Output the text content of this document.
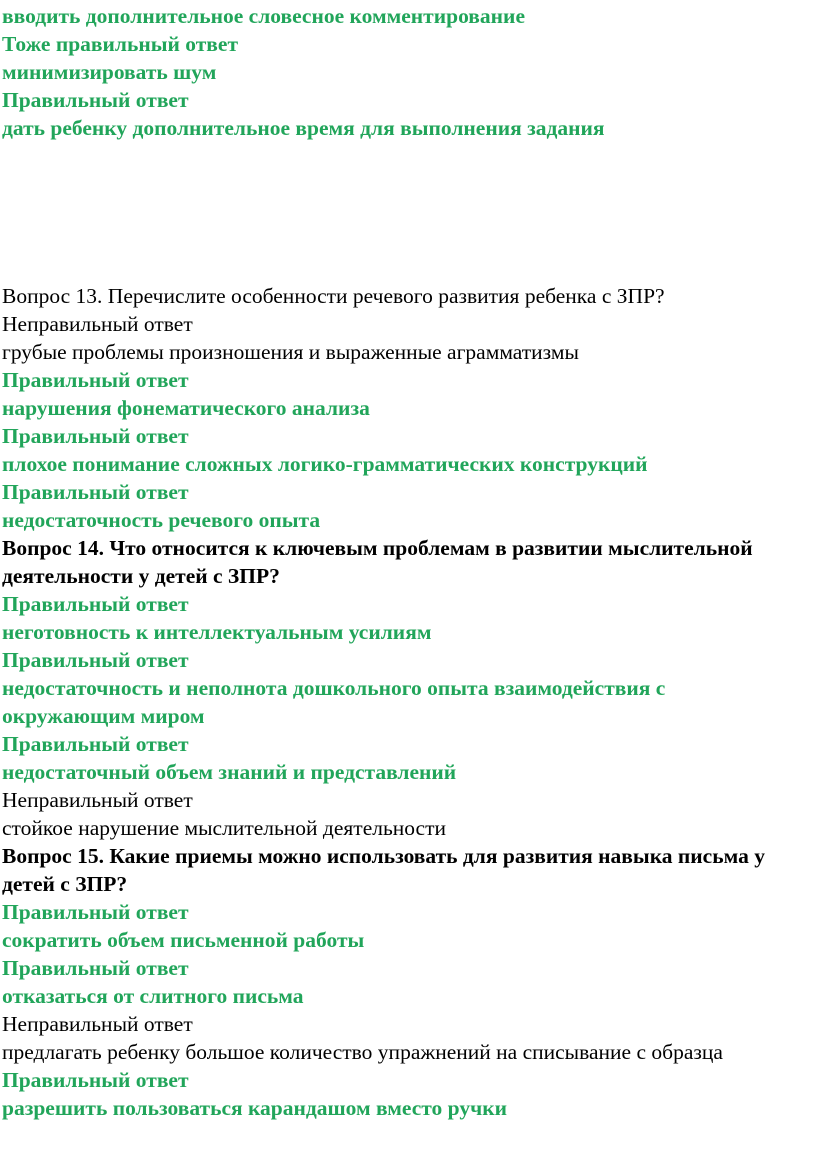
вводить дополнительное словесное комментирование
Тоже правильный ответ
минимизировать шум
Правильный ответ
дать ребенку дополнительное время для выполнения задания
Вопрос 13. Перечислите особенности речевого развития ребенка с ЗПР?
Неправильный ответ
грубые проблемы произношения и выраженные аграмматизмы
Правильный ответ
нарушения фонематического анализа
Правильный ответ
плохое понимание сложных логико-грамматических конструкций
Правильный ответ
недостаточность речевого опыта
Вопрос 14. Что относится к ключевым проблемам в развитии мыслительной деятельности у детей с ЗПР?
Правильный ответ
неготовность к интеллектуальным усилиям
Правильный ответ
недостаточность и неполнота дошкольного опыта взаимодействия с окружающим миром
Правильный ответ
недостаточный объем знаний и представлений
Неправильный ответ
стойкое нарушение мыслительной деятельности
Вопрос 15. Какие приемы можно использовать для развития навыка письма у детей с ЗПР?
Правильный ответ
сократить объем письменной работы
Правильный ответ
отказаться от слитного письма
Неправильный ответ
предлагать ребенку большое количество упражнений на списывание с образца
Правильный ответ
разрешить пользоваться карандашом вместо ручки
